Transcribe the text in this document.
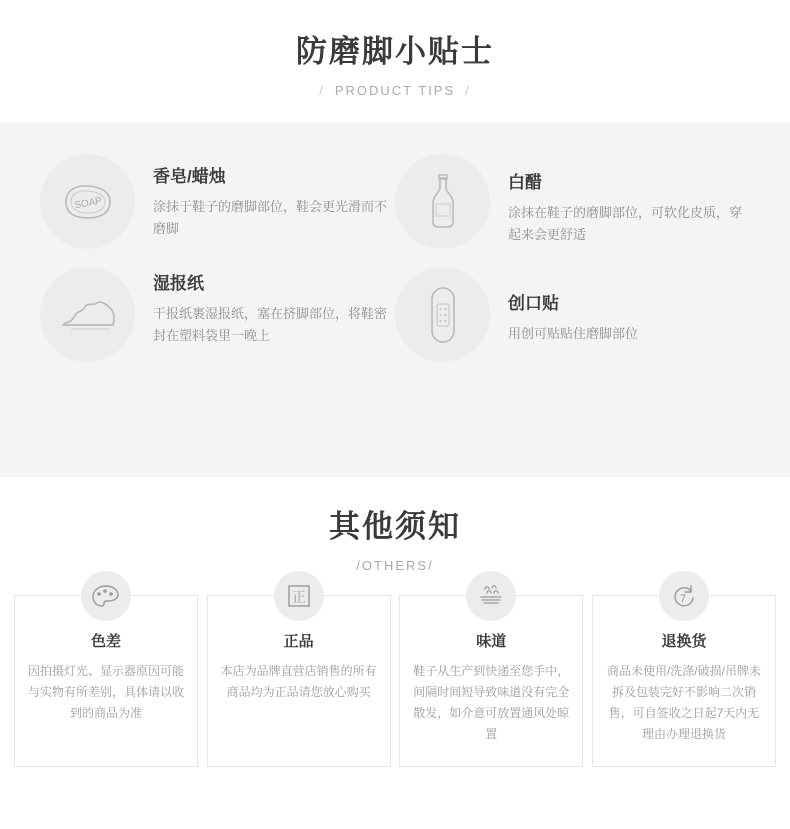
防磨脚小贴士
/ PRODUCT TIPS /
SOAP
香皂/蜡烛
涂抹于鞋子的磨脚部位，鞋会更光滑而不磨脚
白醋
涂抹在鞋子的磨脚部位，可软化皮质，穿起来会更舒适
湿报纸
干报纸裹湿报纸，塞在挤脚部位，将鞋密封在塑料袋里一晚上
创口贴
用创可贴贴住磨脚部位
其他须知
/OTHERS/
色差
因拍摄灯光、显示器原因可能与实物有所差别，具体请以收到的商品为准
正
正品
本店为品牌直营店销售的所有商品均为正品请您放心购买
味道
鞋子从生产到快递至您手中，间隔时间短导致味道没有完全散发，如介意可放置通风处晾置
7
退换货
商品未使用/洗涤/破损/吊牌未拆及包装完好不影响二次销售，可自签收之日起7天内无理由办理退换货
